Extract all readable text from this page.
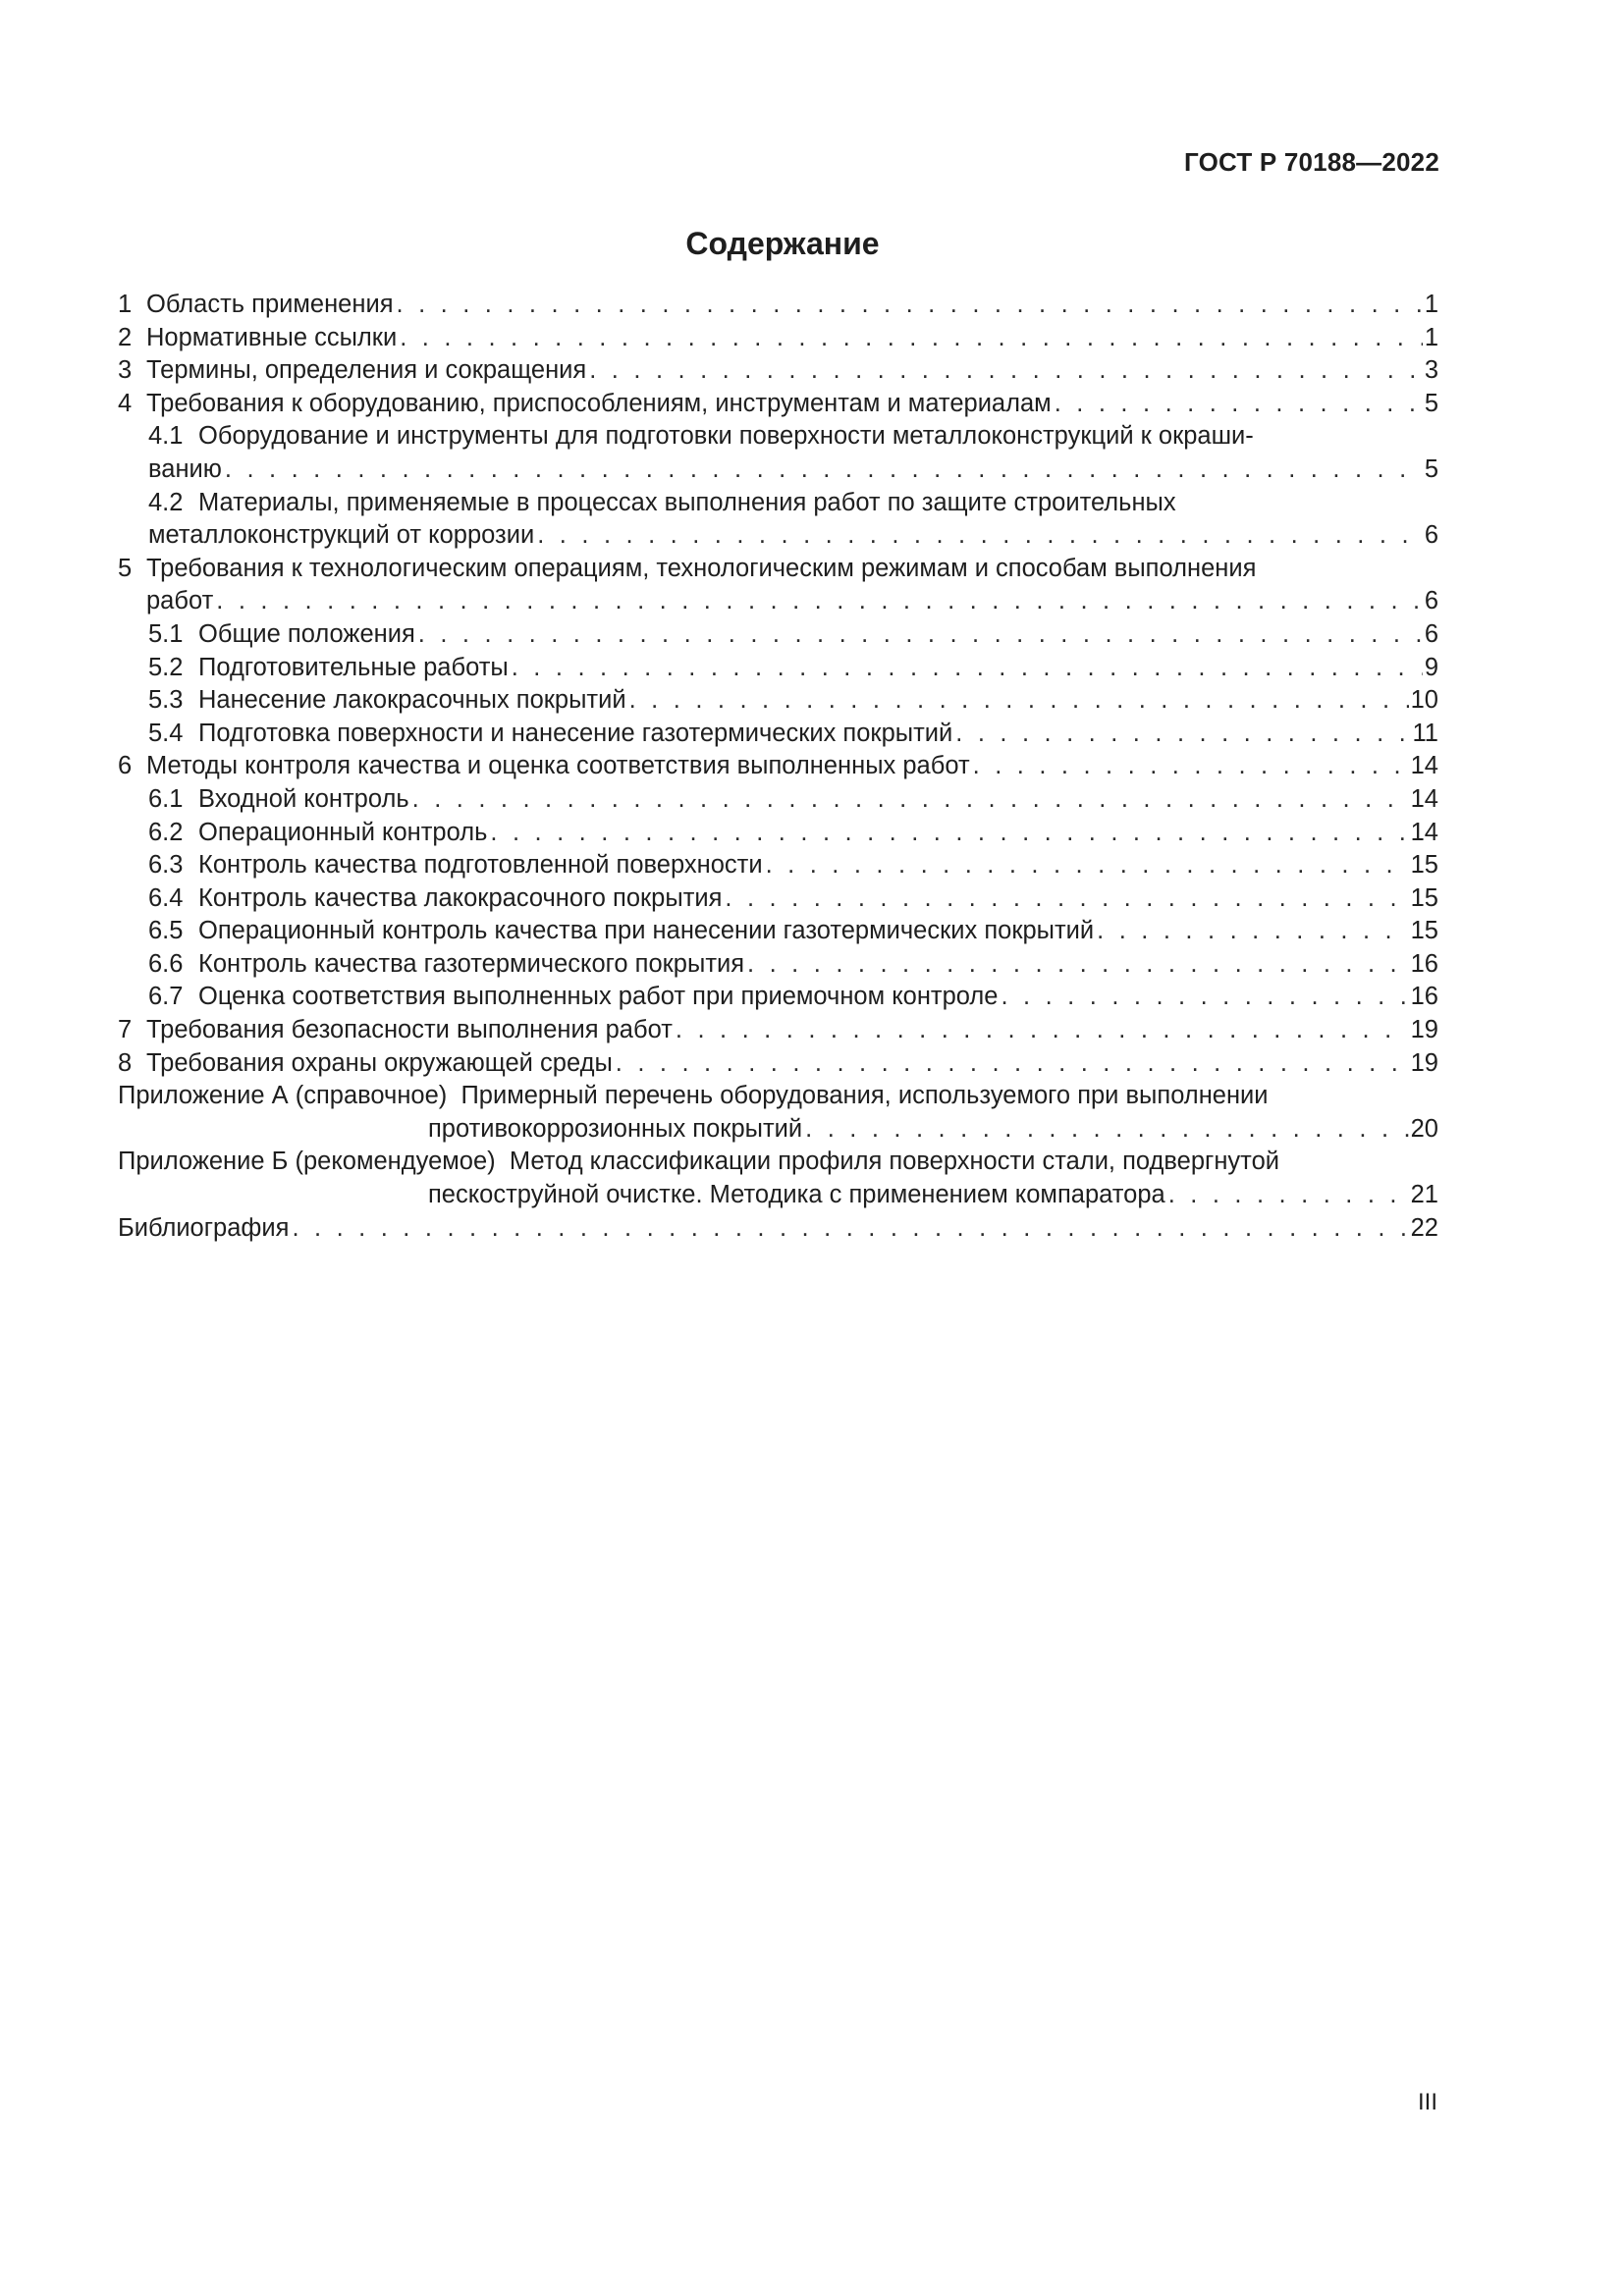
ГОСТ Р 70188—2022
Содержание
1 Область применения . . .	1
2 Нормативные ссылки . . .	1
3 Термины, определения и сокращения . . .	3
4 Требования к оборудованию, приспособлениям, инструментам и материалам . . .	5
4.1 Оборудование и инструменты для подготовки поверхности металлоконструкций к окраши-
ванию . . .	5
4.2 Материалы, применяемые в процессах выполнения работ по защите строительных
металлоконструкций от коррозии . . .	6
5 Требования к технологическим операциям, технологическим режимам и способам выполнения
работ . . .	6
5.1 Общие положения . . .	6
5.2 Подготовительные работы . . .	9
5.3 Нанесение лакокрасочных покрытий . . .	10
5.4 Подготовка поверхности и нанесение газотермических покрытий . . .	11
6 Методы контроля качества и оценка соответствия выполненных работ . . .	14
6.1 Входной контроль . . .	14
6.2 Операционный контроль . . .	14
6.3 Контроль качества подготовленной поверхности . . .	15
6.4 Контроль качества лакокрасочного покрытия . . .	15
6.5 Операционный контроль качества при нанесении газотермических покрытий . . .	15
6.6 Контроль качества газотермического покрытия . . .	16
6.7 Оценка соответствия выполненных работ при приемочном контроле . . .	16
7 Требования безопасности выполнения работ . . .	19
8 Требования охраны окружающей среды . . .	19
Приложение А (справочное)
Примерный перечень оборудования, используемого при выполнении
противокоррозионных покрытий . . .	20
Приложение Б (рекомендуемое)
Метод классификации профиля поверхности стали, подвергнутой
пескоструйной очистке. Методика с применением компаратора . . .	21
Библиография . . .	22
III
